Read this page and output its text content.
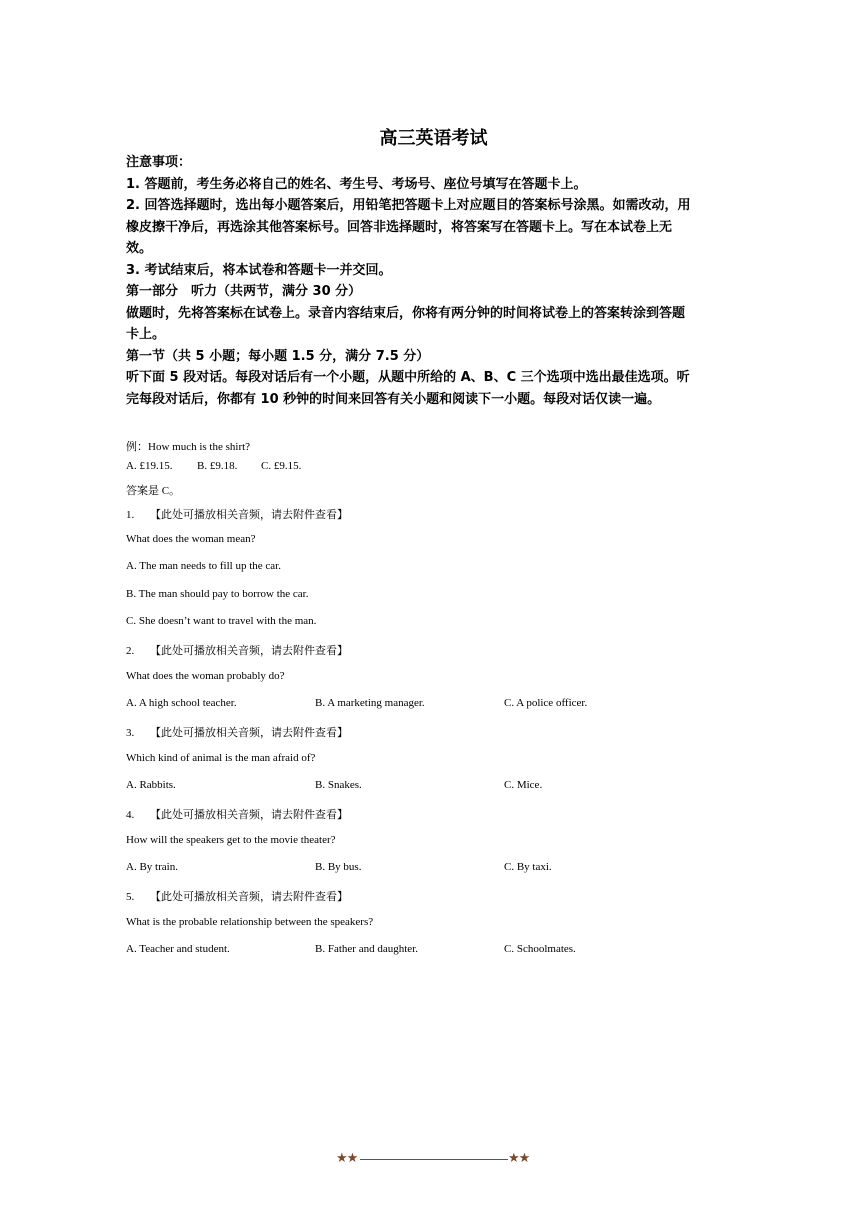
高三英语考试

注意事项：

1. 答题前，考生务必将自己的姓名、考生号、考场号、座位号填写在答题卡上。

2. 回答选择题时，选出每小题答案后，用铅笔把答题卡上对应题目的答案标号涂黑。如需改动，用橡皮擦干净后，再选涂其他答案标号。回答非选择题时，将答案写在答题卡上。写在本试卷上无效。

3. 考试结束后，将本试卷和答题卡一并交回。

第一部分　听力（共两节，满分 30 分）

做题时，先将答案标在试卷上。录音内容结束后，你将有两分钟的时间将试卷上的答案转涂到答题卡上。

第一节（共 5 小题；每小题 1.5 分，满分 7.5 分）

听下面 5 段对话。每段对话后有一个小题，从题中所给的 A、B、C 三个选项中选出最佳选项。听完每段对话后，你都有 10 秒钟的时间来回答有关小题和阅读下一小题。每段对话仅读一遍。

例：How much is the shirt?
A. £19.15. B. £9.18. C. £9.15.
答案是 C。
1. 【此处可播放相关音频，请去附件查看】
What does the woman mean?
A. The man needs to fill up the car.
B. The man should pay to borrow the car.
C. She doesn’t want to travel with the man.
2. 【此处可播放相关音频，请去附件查看】
What does the woman probably do?
A. A high school teacher.	B. A marketing manager.	C. A police officer.
3. 【此处可播放相关音频，请去附件查看】
Which kind of animal is the man afraid of?
A. Rabbits.	B. Snakes.	C. Mice.
4. 【此处可播放相关音频，请去附件查看】
How will the speakers get to the movie theater?
A. By train.	B. By bus.	C. By taxi.
5. 【此处可播放相关音频，请去附件查看】
What is the probable relationship between the speakers?
A. Teacher and student.	B. Father and daughter.	C. Schoolmates.
★★	★★
